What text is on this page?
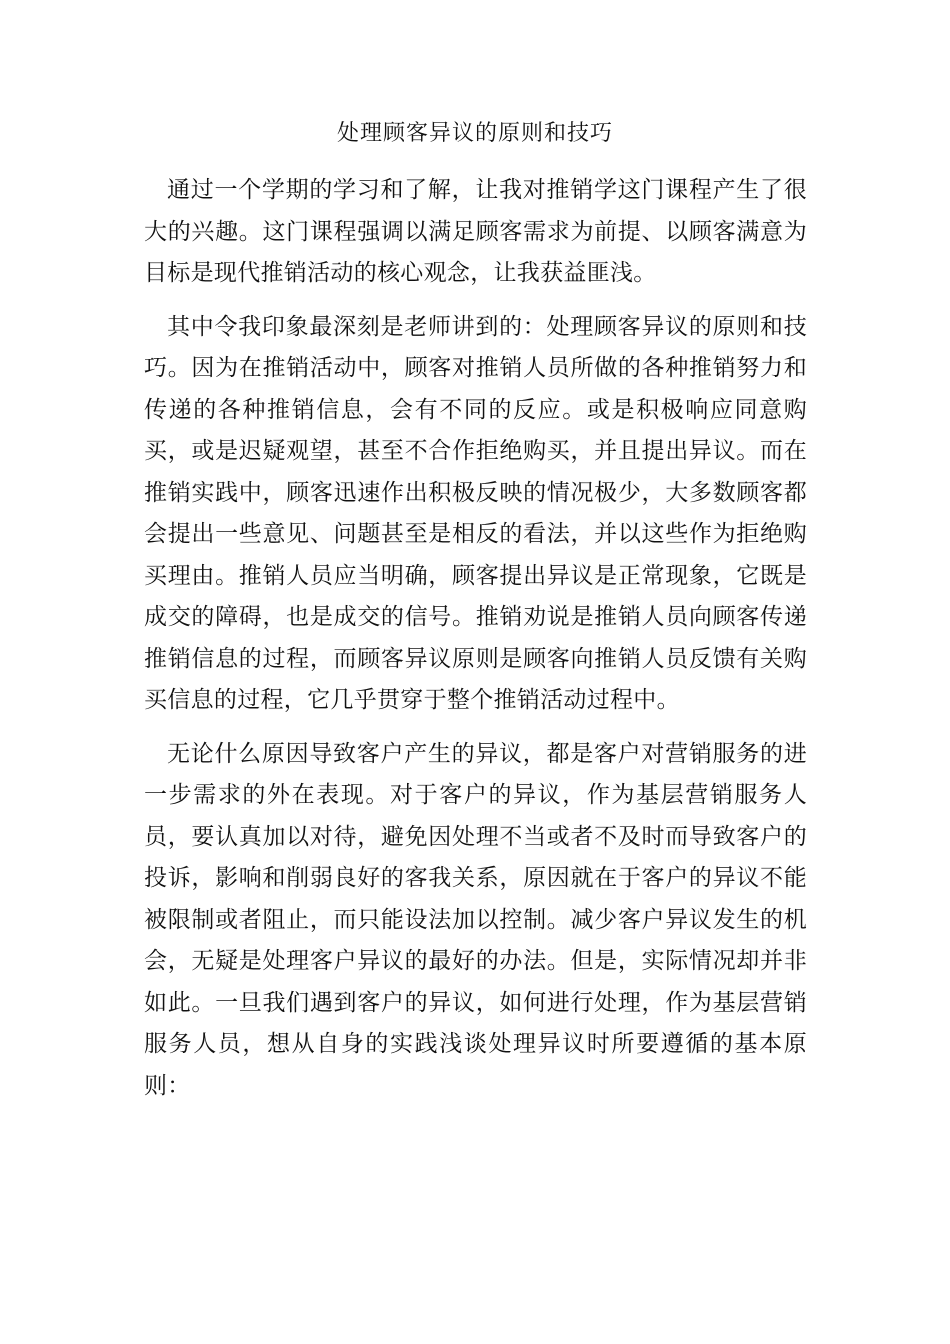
处理顾客异议的原则和技巧

通过一个学期的学习和了解，让我对推销学这门课程产生了很大的兴趣。这门课程强调以满足顾客需求为前提、以顾客满意为目标是现代推销活动的核心观念，让我获益匪浅。

其中令我印象最深刻是老师讲到的：处理顾客异议的原则和技巧。因为在推销活动中，顾客对推销人员所做的各种推销努力和传递的各种推销信息，会有不同的反应。或是积极响应同意购买，或是迟疑观望，甚至不合作拒绝购买，并且提出异议。而在推销实践中，顾客迅速作出积极反映的情况极少，大多数顾客都会提出一些意见、问题甚至是相反的看法，并以这些作为拒绝购买理由。推销人员应当明确，顾客提出异议是正常现象，它既是成交的障碍，也是成交的信号。推销劝说是推销人员向顾客传递推销信息的过程，而顾客异议原则是顾客向推销人员反馈有关购买信息的过程，它几乎贯穿于整个推销活动过程中。

无论什么原因导致客户产生的异议，都是客户对营销服务的进一步需求的外在表现。对于客户的异议，作为基层营销服务人员，要认真加以对待，避免因处理不当或者不及时而导致客户的投诉，影响和削弱良好的客我关系，原因就在于客户的异议不能被限制或者阻止，而只能设法加以控制。减少客户异议发生的机会，无疑是处理客户异议的最好的办法。但是，实际情况却并非如此。一旦我们遇到客户的异议，如何进行处理，作为基层营销服务人员，想从自身的实践浅谈处理异议时所要遵循的基本原则：
